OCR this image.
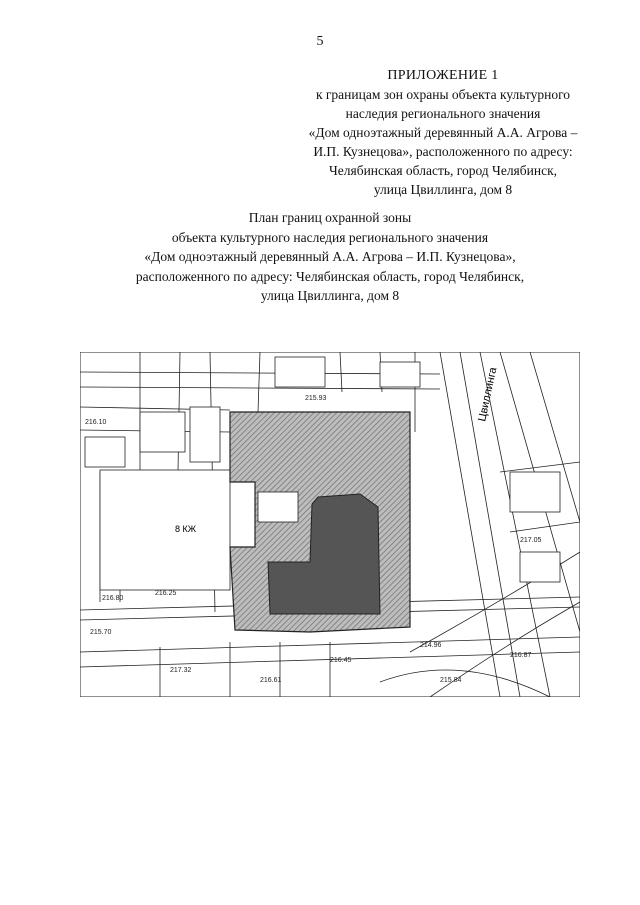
5
ПРИЛОЖЕНИЕ 1
к границам зон охраны объекта культурного
наследия регионального значения
«Дом одноэтажный деревянный А.А. Агрова –
И.П. Кузнецова», расположенного по адресу:
Челябинская область, город Челябинск,
улица Цвиллинга, дом 8
План границ охранной зоны
объекта культурного наследия регионального значения
«Дом одноэтажный деревянный А.А. Агрова – И.П. Кузнецова»,
расположенного по адресу: Челябинская область, город Челябинск,
улица Цвиллинга, дом 8
8 КЖ
Цвиллинга
216.80
216.25
215.70
217.32
216.45
214.96
216.87
216.10
215.93
217.05
216.61	215.84
